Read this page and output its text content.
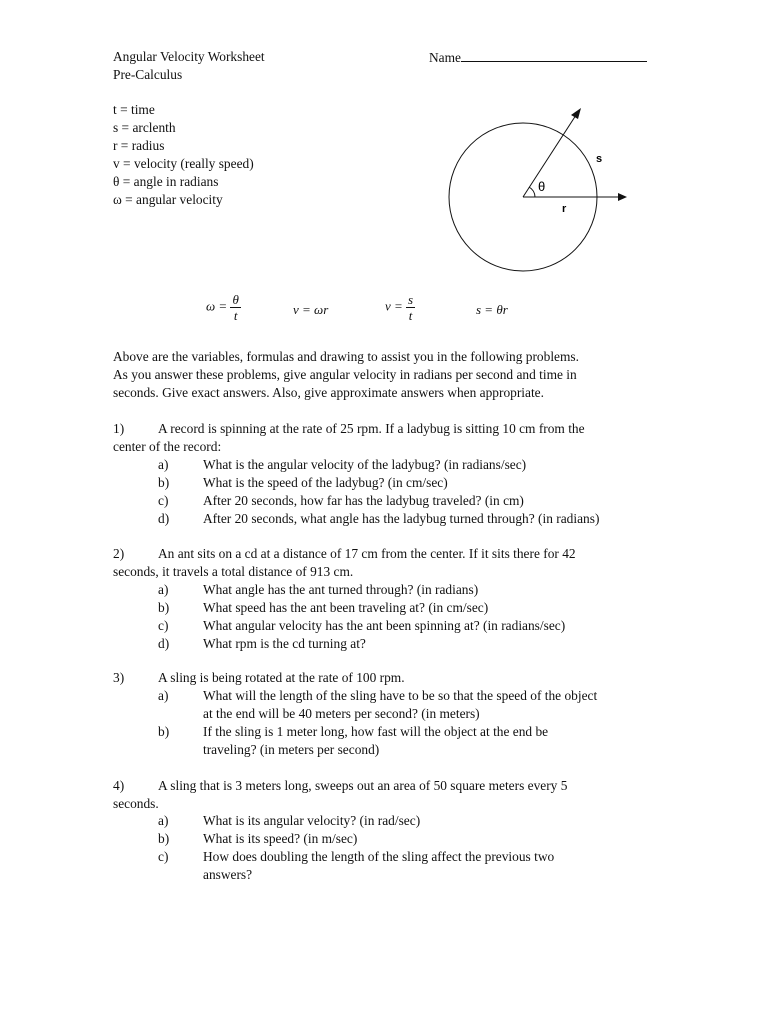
Angular Velocity Worksheet
Pre-Calculus
Name
t = time
s = arclenth
r = radius
v = velocity (really speed)
θ = angle in radians
ω = angular velocity
θ
s
r
$\omega = \frac{\theta}{t}$	v = ωr	$v = \frac{s}{t}$	s = θr
Above are the variables, formulas and drawing to assist you in the following problems.
As you answer these problems, give angular velocity in radians per second and time in
seconds. Give exact answers. Also, give approximate answers when appropriate.
1)	A record is spinning at the rate of 25 rpm. If a ladybug is sitting 10 cm from the
center of the record:
a)	What is the angular velocity of the ladybug? (in radians/sec)
b)	What is the speed of the ladybug? (in cm/sec)
c)	After 20 seconds, how far has the ladybug traveled? (in cm)
d)	After 20 seconds, what angle has the ladybug turned through? (in radians)
2)	An ant sits on a cd at a distance of 17 cm from the center. If it sits there for 42
seconds, it travels a total distance of 913 cm.
a)	What angle has the ant turned through? (in radians)
b)	What speed has the ant been traveling at? (in cm/sec)
c)	What angular velocity has the ant been spinning at? (in radians/sec)
d)	What rpm is the cd turning at?
3)	A sling is being rotated at the rate of 100 rpm.
a)	What will the length of the sling have to be so that the speed of the object
at the end will be 40 meters per second? (in meters)
b)	If the sling is 1 meter long, how fast will the object at the end be
traveling? (in meters per second)
4)	A sling that is 3 meters long, sweeps out an area of 50 square meters every 5
seconds.
a)	What is its angular velocity? (in rad/sec)
b)	What is its speed? (in m/sec)
c)	How does doubling the length of the sling affect the previous two
answers?
